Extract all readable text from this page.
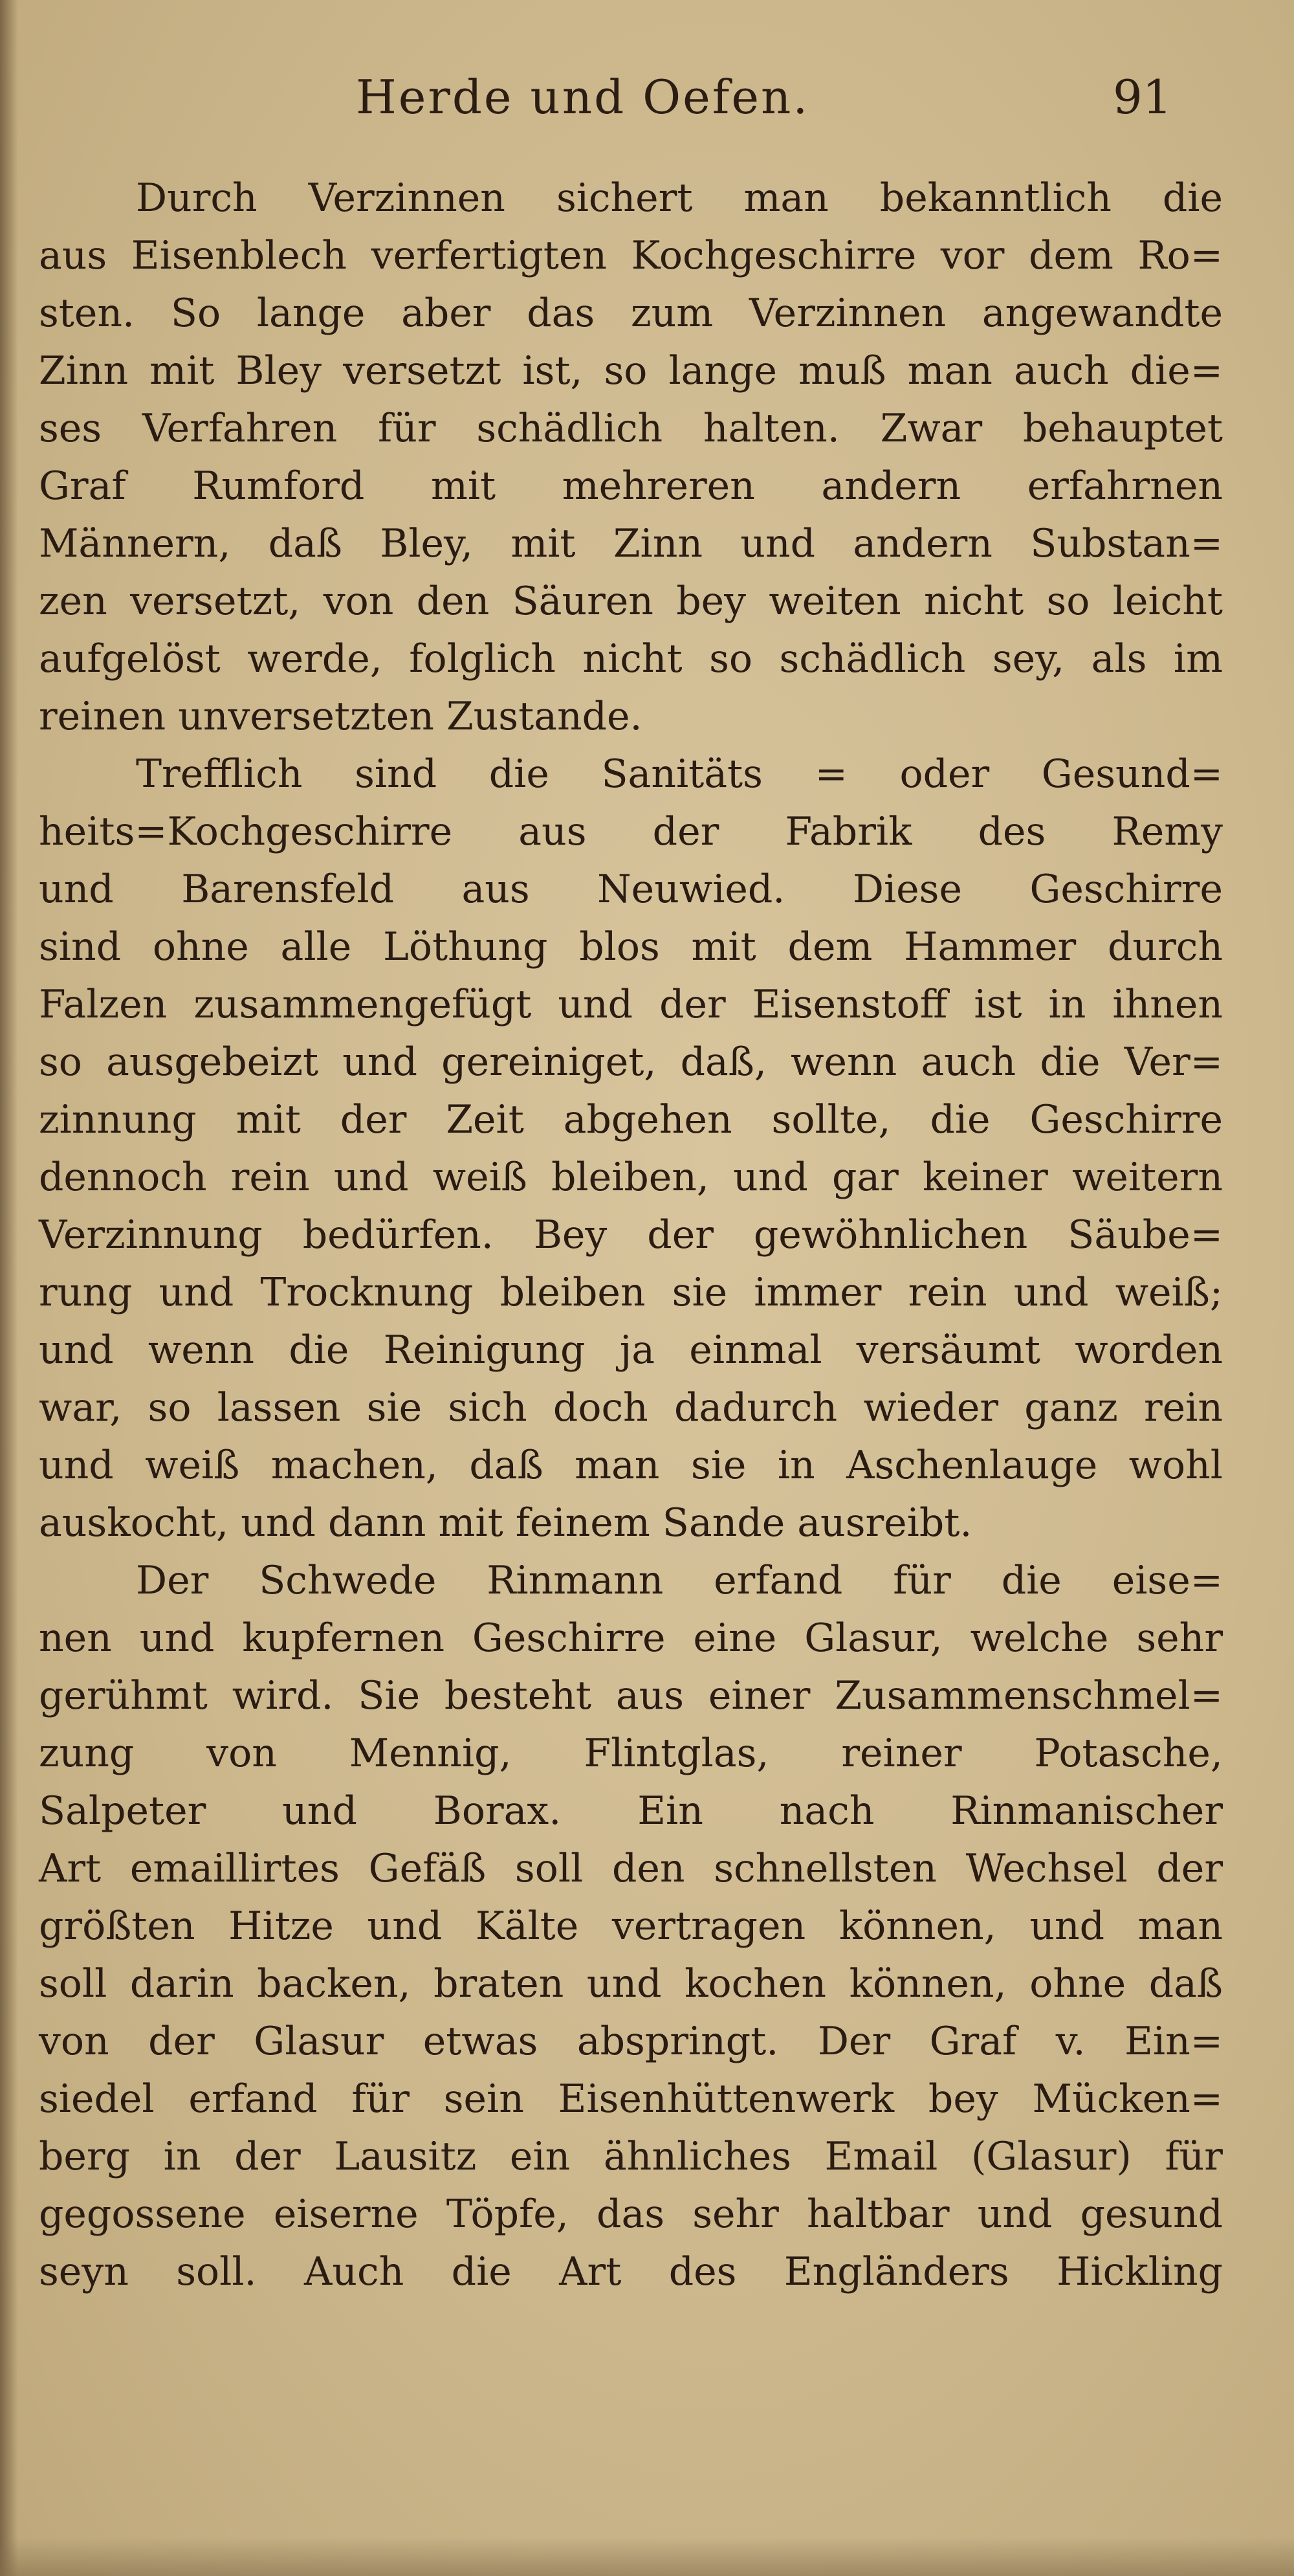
Herde und Oefen.	91
Durch Verzinnen sichert man bekanntlich die
aus Eisenblech verfertigten Kochgeschirre vor dem Ro=
sten. So lange aber das zum Verzinnen angewandte
Zinn mit Bley versetzt ist, so lange muß man auch die=
ses Verfahren für schädlich halten. Zwar behauptet
Graf Rumford mit mehreren andern erfahrnen
Männern, daß Bley, mit Zinn und andern Substan=
zen versetzt, von den Säuren bey weiten nicht so leicht
aufgelöst werde, folglich nicht so schädlich sey, als im
reinen unversetzten Zustande.
Trefflich sind die Sanitäts = oder Gesund=
heits=Kochgeschirre aus der Fabrik des Remy
und Barensfeld aus Neuwied. Diese Geschirre
sind ohne alle Löthung blos mit dem Hammer durch
Falzen zusammengefügt und der Eisenstoff ist in ihnen
so ausgebeizt und gereiniget, daß, wenn auch die Ver=
zinnung mit der Zeit abgehen sollte, die Geschirre
dennoch rein und weiß bleiben, und gar keiner weitern
Verzinnung bedürfen. Bey der gewöhnlichen Säube=
rung und Trocknung bleiben sie immer rein und weiß;
und wenn die Reinigung ja einmal versäumt worden
war, so lassen sie sich doch dadurch wieder ganz rein
und weiß machen, daß man sie in Aschenlauge wohl
auskocht, und dann mit feinem Sande ausreibt.
Der Schwede Rinmann erfand für die eise=
nen und kupfernen Geschirre eine Glasur, welche sehr
gerühmt wird. Sie besteht aus einer Zusammenschmel=
zung von Mennig, Flintglas, reiner Potasche,
Salpeter und Borax. Ein nach Rinmanischer
Art emaillirtes Gefäß soll den schnellsten Wechsel der
größten Hitze und Kälte vertragen können, und man
soll darin backen, braten und kochen können, ohne daß
von der Glasur etwas abspringt. Der Graf v. Ein=
siedel erfand für sein Eisenhüttenwerk bey Mücken=
berg in der Lausitz ein ähnliches Email (Glasur) für
gegossene eiserne Töpfe, das sehr haltbar und gesund
seyn soll. Auch die Art des Engländers Hickling
